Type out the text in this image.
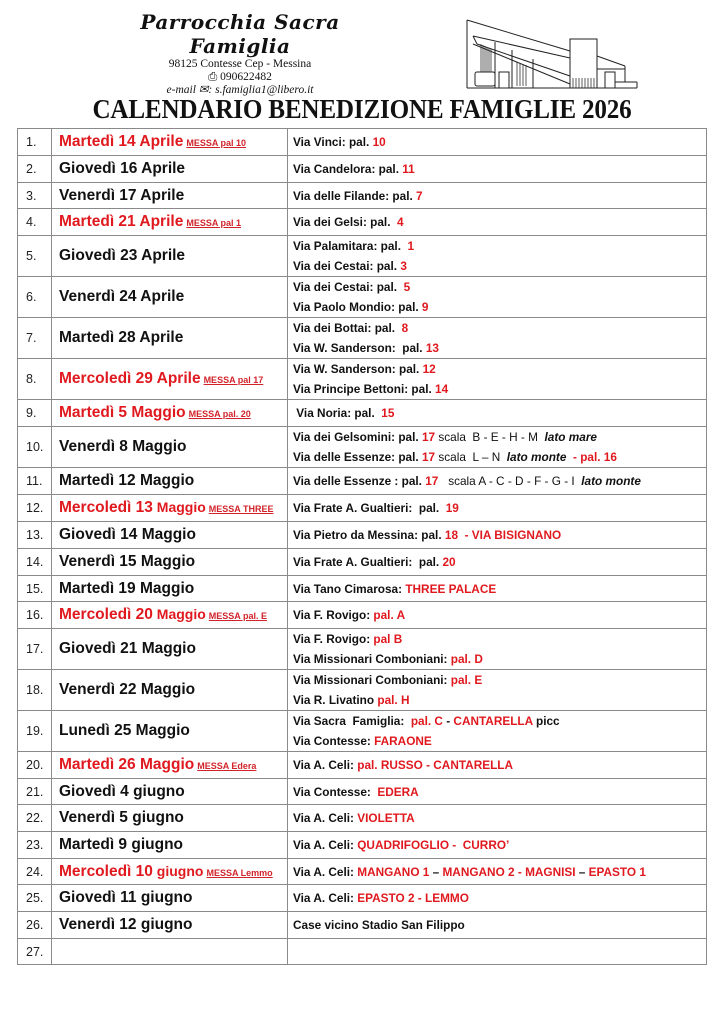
Parrocchia Sacra Famiglia
98125 Contesse Cep - Messina
⎙ 090622482
e-mail ✉: s.famiglia1@libero.it
CALENDARIO BENEDIZIONE FAMIGLIE 2026
1.	Martedì 14 Aprile MESSA pal 10	Via Vinci: pal. 10

2.	Giovedì 16 Aprile	Via Candelora: pal. 11

3.	Venerdì 17 Aprile	Via delle Filande: pal. 7

4.	Martedì 21 Aprile MESSA pal 1	Via dei Gelsi: pal.  4

5.	Giovedì 23 Aprile	Via Palamitara: pal.  1
Via dei Cestai: pal. 3

6.	Venerdì 24 Aprile	Via dei Cestai: pal.  5
Via Paolo Mondio: pal. 9

7.	Martedì 28 Aprile	Via dei Bottai: pal.  8
Via W. Sanderson:  pal. 13

8.	Mercoledì 29 Aprile MESSA pal 17	Via W. Sanderson: pal. 12
Via Principe Bettoni: pal. 14

9.	Martedì 5 Maggio MESSA pal. 20	Via Noria: pal.  15

10.	Venerdì 8 Maggio	Via dei Gelsomini: pal. 17 scala  B - E - H - M  lato mare
Via delle Essenze: pal. 17 scala  L – N  lato monte  - pal. 16

11.	Martedì 12 Maggio	Via delle Essenze : pal. 17   scala A - C - D - F - G - I  lato monte

12.	Mercoledì 13 Maggio MESSA THREE	Via Frate A. Gualtieri:  pal.  19

13.	Giovedì 14 Maggio	Via Pietro da Messina: pal. 18  - VIA BISIGNANO

14.	Venerdì 15 Maggio	Via Frate A. Gualtieri:  pal. 20

15.	Martedì 19 Maggio	Via Tano Cimarosa: THREE PALACE

16.	Mercoledì 20 Maggio MESSA pal. E	Via F. Rovigo: pal. A

17.	Giovedì 21 Maggio	Via F. Rovigo: pal B
Via Missionari Comboniani: pal. D

18.	Venerdì 22 Maggio	Via Missionari Comboniani: pal. E
Via R. Livatino pal. H

19.	Lunedì 25 Maggio	Via Sacra  Famiglia:  pal. C - CANTARELLA picc
Via Contesse: FARAONE

20.	Martedì 26 Maggio MESSA Edera	Via A. Celi: pal. RUSSO - CANTARELLA

21.	Giovedì 4 giugno	Via Contesse:  EDERA

22.	Venerdì 5 giugno	Via A. Celi: VIOLETTA

23.	Martedì 9 giugno	Via A. Celi: QUADRIFOGLIO -  CURRO’

24.	Mercoledì 10 giugno MESSA Lemmo	Via A. Celi: MANGANO 1 – MANGANO 2 - MAGNISI – EPASTO 1

25.	Giovedì 11 giugno	Via A. Celi: EPASTO 2 - LEMMO

26.	Venerdì 12 giugno	Case vicino Stadio San Filippo

27.		
